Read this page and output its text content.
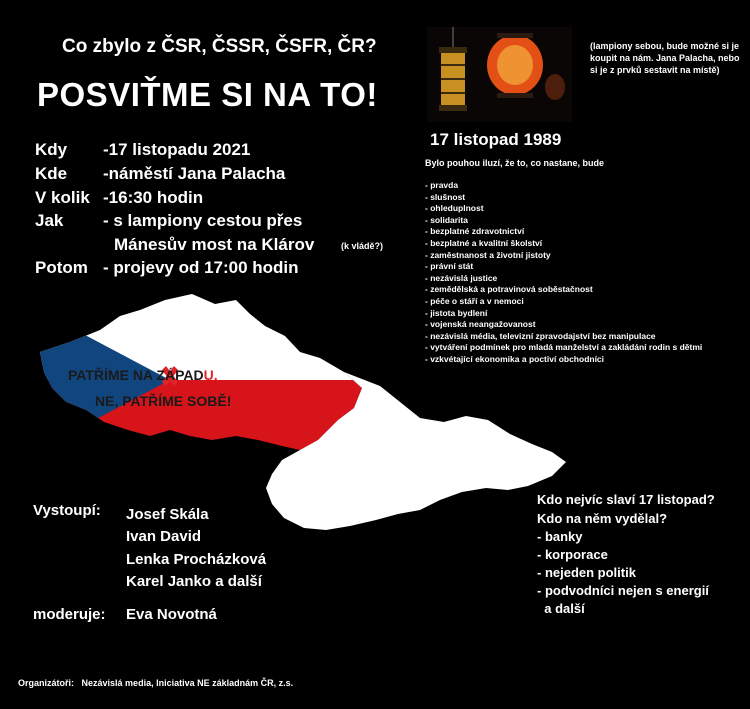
Co zbylo z ČSR, ČSSR, ČSFR, ČR?
POSVIŤME SI NA TO!
(lampiony sebou, bude možné si je koupit na nám. Jana Palacha, nebo si je z prvků sestavit na místě)
Kdy -17 listopadu 2021
Kde -náměstí Jana Palacha
V kolik -16:30 hodin
Jak - s lampiony cestou přes
Mánesův most na Klárov	(k vládě?)
Potom - projevy od 17:00 hodin
17 listopad 1989
Bylo pouhou iluzí, že to, co nastane, bude
- pravda
- slušnost
- ohleduplnost
- solidarita
- bezplatné zdravotnictví
- bezplatné a kvalitní školství
- zaměstnanost a životní jistoty
- právní stát
- nezávislá justice
- zemědělská a potravinová soběstačnost
- péče o stáří a v nemoci
- jistota bydlení
- vojenská neangažovanost
- nezávislá média, televizní zpravodajství bez manipulace
- vytváření podmínek pro mladá manželství a zakládání rodin s dětmi
- vzkvétající ekonomika a poctiví obchodníci
PATŘÍME NA ZÁPADU.
NE, PATŘÍME SOBĚ!
Vystoupí: Josef Skála
Ivan David
Lenka Procházková
Karel Janko a další
moderuje: Eva Novotná
Kdo nejvíc slaví 17 listopad?
Kdo na něm vydělal?
- banky
- korporace
- nejeden politik
- podvodníci nejen s energií
a další
Organizátoři: Nezávislá media, Iniciativa NE základnám ČR, z.s.
